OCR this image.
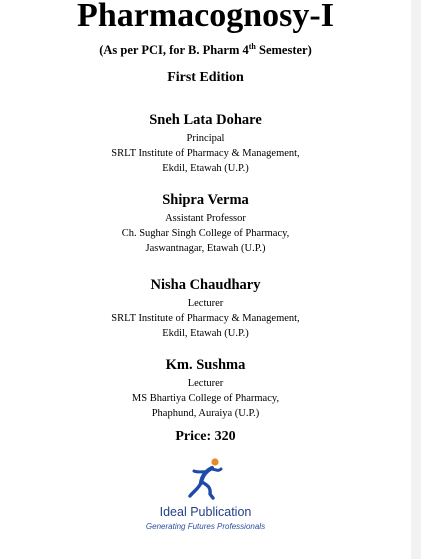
Pharmacognosy-I
(As per PCI, for B. Pharm 4th Semester)
First Edition
Sneh Lata Dohare
Principal
SRLT Institute of Pharmacy & Management,
Ekdil, Etawah (U.P.)
Shipra Verma
Assistant Professor
Ch. Sughar Singh College of Pharmacy,
Jaswantnagar, Etawah (U.P.)
Nisha Chaudhary
Lecturer
SRLT Institute of Pharmacy & Management,
Ekdil, Etawah (U.P.)
Km. Sushma
Lecturer
MS Bhartiya College of Pharmacy,
Phaphund, Auraiya (U.P.)
Price: 320
Ideal Publication
Generating Futures Professionals
